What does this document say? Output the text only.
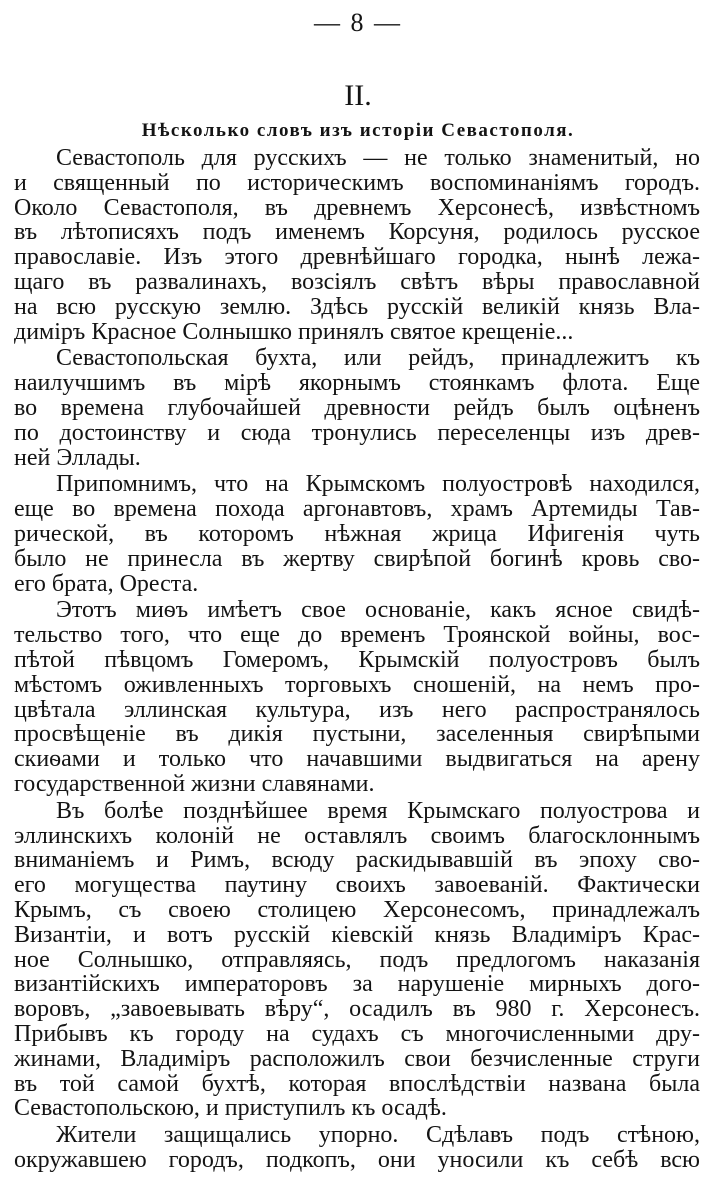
— 8 —
II.
Нѣсколько словъ изъ исторіи Севастополя.
Севастополь для русскихъ — не только знаменитый, но
и священный по историческимъ воспоминаніямъ городъ.
Около Севастополя, въ древнемъ Херсонесѣ, извѣстномъ
въ лѣтописяхъ подъ именемъ Корсуня, родилось русское
православіе. Изъ этого древнѣйшаго городка, нынѣ лежа-
щаго въ развалинахъ, возсіялъ свѣтъ вѣры православной
на всю русскую землю. Здѣсь русскій великій князь Вла-
димiръ Красное Солнышко принялъ святое крещеніе...
Севастопольская бухта, или рейдъ, принадлежитъ къ
наилучшимъ въ мірѣ якорнымъ стоянкамъ флота. Еще
во времена глубочайшей древности рейдъ былъ оцѣненъ
по достоинству и сюда тронулись переселенцы изъ древ-
ней Эллады.
Припомнимъ, что на Крымскомъ полуостровѣ находился,
еще во времена похода аргонавтовъ, храмъ Артемиды Тав-
рической, въ которомъ нѣжная жрица Ифигенія чуть
было не принесла въ жертву свирѣпой богинѣ кровь сво-
его брата, Ореста.
Этотъ миѳъ имѣетъ свое основаніе, какъ ясное свидѣ-
тельство того, что еще до временъ Троянской войны, вос-
пѣтой пѣвцомъ Гомеромъ, Крымскій полуостровъ былъ
мѣстомъ оживленныхъ торговыхъ сношеній, на немъ про-
цвѣтала эллинская культура, изъ него распространялось
просвѣщеніе въ дикія пустыни, заселенныя свирѣпыми
скиѳами и только что начавшими выдвигаться на арену
государственной жизни славянами.
Въ болѣе позднѣйшее время Крымскаго полуострова и
эллинскихъ колоній не оставлялъ своимъ благосклоннымъ
вниманіемъ и Римъ, всюду раскидывавшій въ эпоху сво-
его могущества паутину своихъ завоеваній. Фактически
Крымъ, съ своею столицею Херсонесомъ, принадлежалъ
Византіи, и вотъ русскій кіевскій князь Владиміръ Крас-
ное Солнышко, отправляясь, подъ предлогомъ наказанія
византійскихъ императоровъ за нарушеніе мирныхъ дого-
воровъ, „завоевывать вѣру“, осадилъ въ 980 г. Херсонесъ.
Прибывъ къ городу на судахъ съ многочисленными дру-
жинами, Владиміръ расположилъ свои безчисленные струги
въ той самой бухтѣ, которая впослѣдствіи названа была
Севастопольскою, и приступилъ къ осадѣ.
Жители защищались упорно. Сдѣлавъ подъ стѣною,
окружавшею городъ, подкопъ, они уносили къ себѣ всю
